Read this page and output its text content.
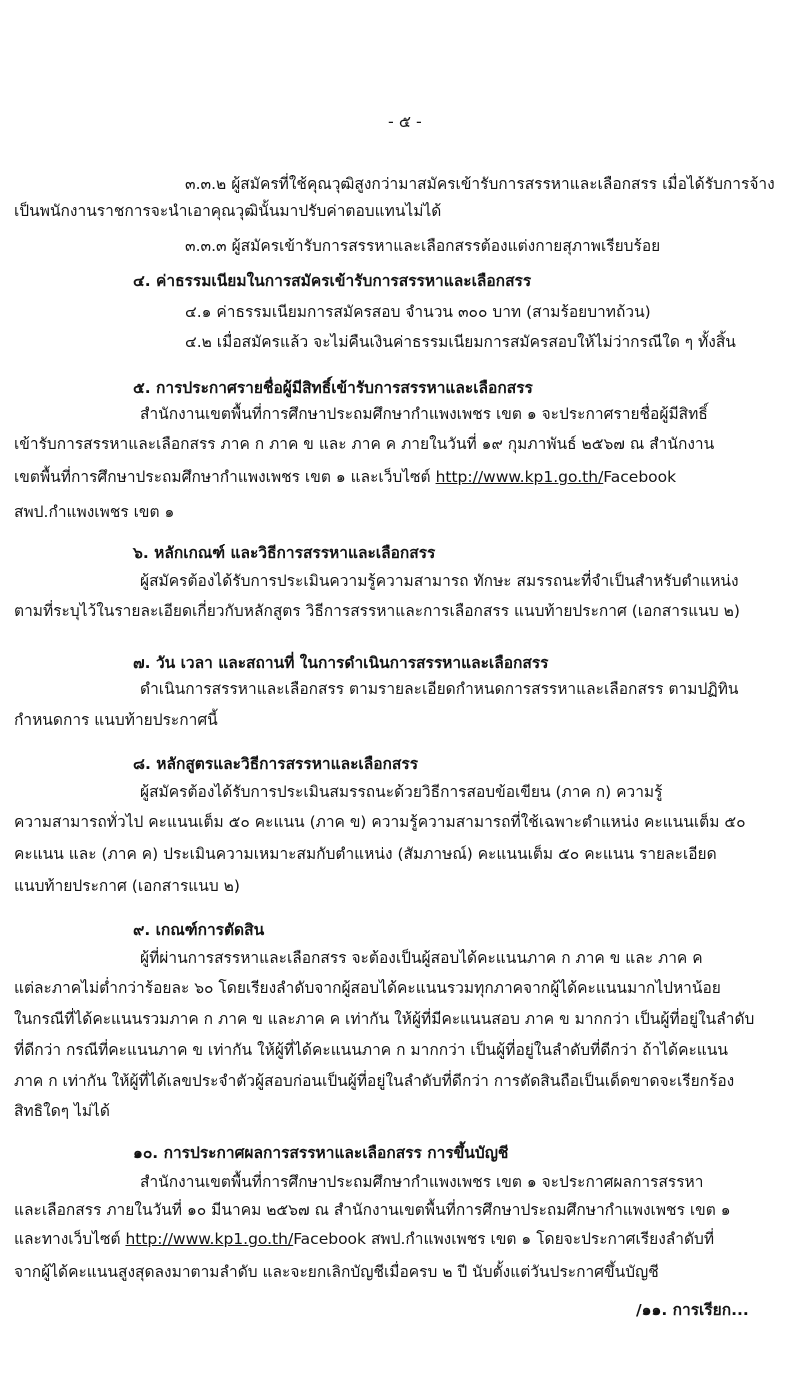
- ๕ -
๓.๓.๒ ผู้สมัครที่ใช้คุณวุฒิสูงกว่ามาสมัครเข้ารับการสรรหาและเลือกสรร เมื่อได้รับการจ้าง
เป็นพนักงานราชการจะนำเอาคุณวุฒินั้นมาปรับค่าตอบแทนไม่ได้
๓.๓.๓ ผู้สมัครเข้ารับการสรรหาและเลือกสรรต้องแต่งกายสุภาพเรียบร้อย
๔. ค่าธรรมเนียมในการสมัครเข้ารับการสรรหาและเลือกสรร
๔.๑ ค่าธรรมเนียมการสมัครสอบ จำนวน ๓๐๐ บาท (สามร้อยบาทถ้วน)
๔.๒ เมื่อสมัครแล้ว จะไม่คืนเงินค่าธรรมเนียมการสมัครสอบให้ไม่ว่ากรณีใด ๆ ทั้งสิ้น
๕. การประกาศรายชื่อผู้มีสิทธิ์เข้ารับการสรรหาและเลือกสรร
สำนักงานเขตพื้นที่การศึกษาประถมศึกษากำแพงเพชร เขต ๑ จะประกาศรายชื่อผู้มีสิทธิ์
เข้ารับการสรรหาและเลือกสรร ภาค ก ภาค ข และ ภาค ค ภายในวันที่ ๑๙ กุมภาพันธ์ ๒๕๖๗ ณ สำนักงาน
เขตพื้นที่การศึกษาประถมศึกษากำแพงเพชร เขต ๑ และเว็บไซต์ http://www.kp1.go.th/Facebook
สพป.กำแพงเพชร เขต ๑
๖. หลักเกณฑ์ และวิธีการสรรหาและเลือกสรร
ผู้สมัครต้องได้รับการประเมินความรู้ความสามารถ ทักษะ สมรรถนะที่จำเป็นสำหรับตำแหน่ง
ตามที่ระบุไว้ในรายละเอียดเกี่ยวกับหลักสูตร วิธีการสรรหาและการเลือกสรร แนบท้ายประกาศ (เอกสารแนบ ๒)
๗. วัน เวลา และสถานที่ ในการดำเนินการสรรหาและเลือกสรร
ดำเนินการสรรหาและเลือกสรร ตามรายละเอียดกำหนดการสรรหาและเลือกสรร ตามปฏิทิน
กำหนดการ แนบท้ายประกาศนี้
๘. หลักสูตรและวิธีการสรรหาและเลือกสรร
ผู้สมัครต้องได้รับการประเมินสมรรถนะด้วยวิธีการสอบข้อเขียน (ภาค ก) ความรู้
ความสามารถทั่วไป คะแนนเต็ม ๕๐ คะแนน (ภาค ข) ความรู้ความสามารถที่ใช้เฉพาะตำแหน่ง คะแนนเต็ม ๕๐
คะแนน และ (ภาค ค) ประเมินความเหมาะสมกับตำแหน่ง (สัมภาษณ์) คะแนนเต็ม ๕๐ คะแนน รายละเอียด
แนบท้ายประกาศ (เอกสารแนบ ๒)
๙. เกณฑ์การตัดสิน
ผู้ที่ผ่านการสรรหาและเลือกสรร จะต้องเป็นผู้สอบได้คะแนนภาค ก ภาค ข และ ภาค ค
แต่ละภาคไม่ต่ำกว่าร้อยละ ๖๐ โดยเรียงลำดับจากผู้สอบได้คะแนนรวมทุกภาคจากผู้ได้คะแนนมากไปหาน้อย
ในกรณีที่ได้คะแนนรวมภาค ก ภาค ข และภาค ค เท่ากัน ให้ผู้ที่มีคะแนนสอบ ภาค ข มากกว่า เป็นผู้ที่อยู่ในลำดับ
ที่ดีกว่า กรณีที่คะแนนภาค ข เท่ากัน ให้ผู้ที่ได้คะแนนภาค ก มากกว่า เป็นผู้ที่อยู่ในลำดับที่ดีกว่า ถ้าได้คะแนน
ภาค ก เท่ากัน ให้ผู้ที่ได้เลขประจำตัวผู้สอบก่อนเป็นผู้ที่อยู่ในลำดับที่ดีกว่า การตัดสินถือเป็นเด็ดขาดจะเรียกร้อง
สิทธิใดๆ ไม่ได้
๑๐. การประกาศผลการสรรหาและเลือกสรร การขึ้นบัญชี
สำนักงานเขตพื้นที่การศึกษาประถมศึกษากำแพงเพชร เขต ๑ จะประกาศผลการสรรหา
และเลือกสรร ภายในวันที่ ๑๐ มีนาคม ๒๕๖๗ ณ สำนักงานเขตพื้นที่การศึกษาประถมศึกษากำแพงเพชร เขต ๑
และทางเว็บไซต์ http://www.kp1.go.th/Facebook สพป.กำแพงเพชร เขต ๑ โดยจะประกาศเรียงลำดับที่
จากผู้ได้คะแนนสูงสุดลงมาตามลำดับ และจะยกเลิกบัญชีเมื่อครบ ๒ ปี นับตั้งแต่วันประกาศขึ้นบัญชี
/๑๑. การเรียก...
